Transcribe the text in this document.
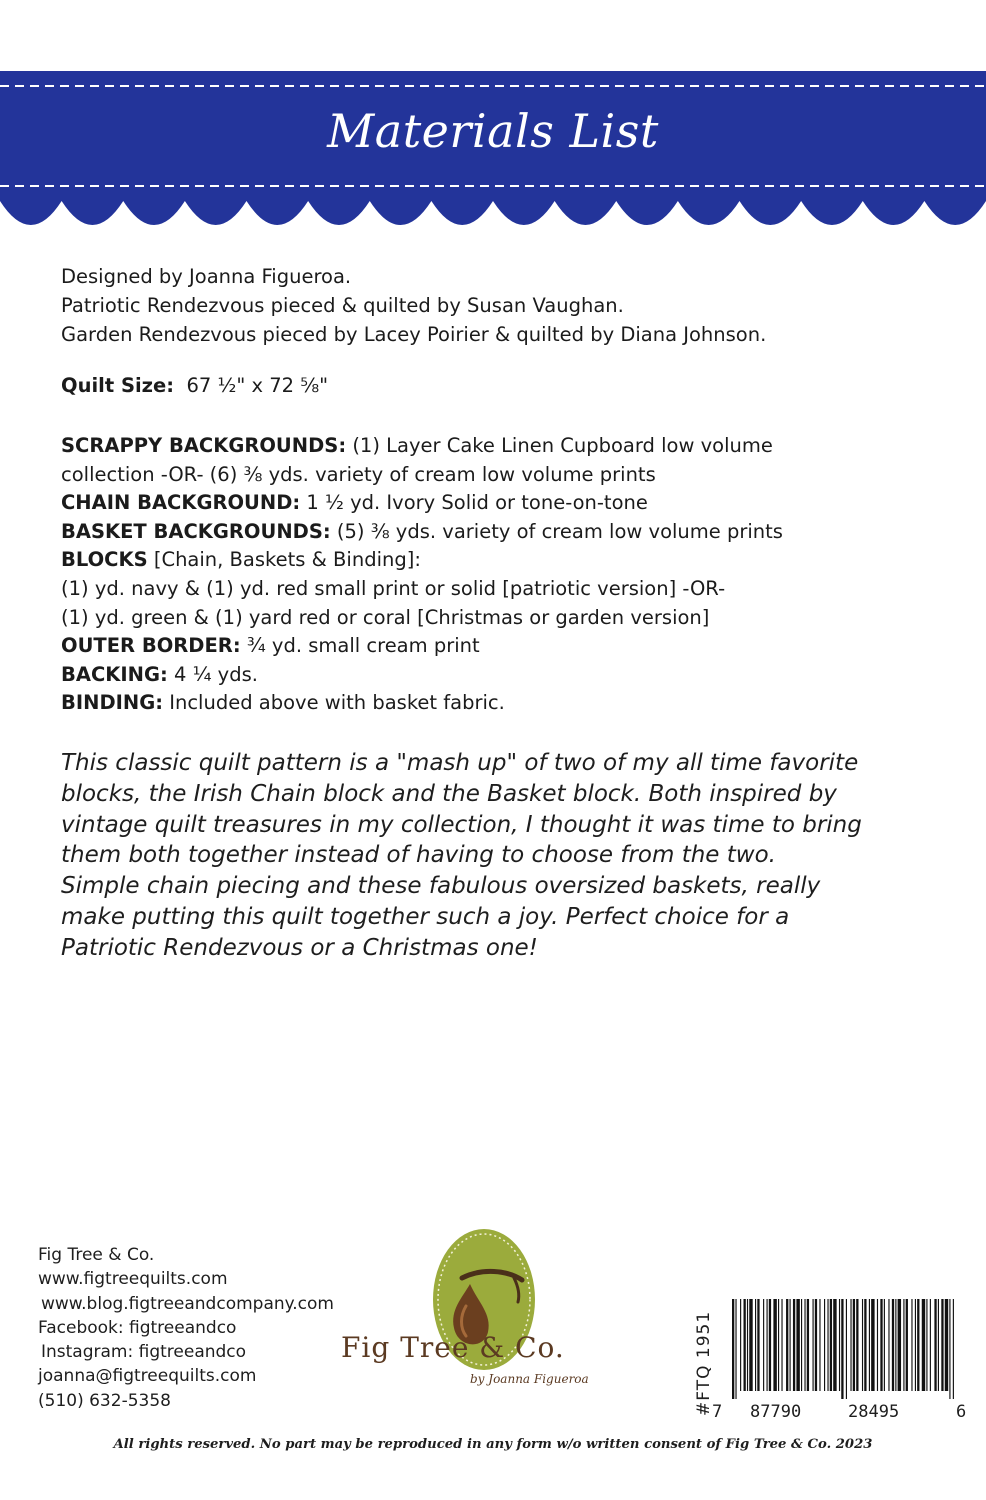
Materials List
Designed by Joanna Figueroa.
Patriotic Rendezvous pieced & quilted by Susan Vaughan.
Garden Rendezvous pieced by Lacey Poirier & quilted by Diana Johnson.
Quilt Size: 67 ½" x 72 ⅝"
SCRAPPY BACKGROUNDS: (1) Layer Cake Linen Cupboard low volume
collection -OR- (6) ⅜ yds. variety of cream low volume prints
CHAIN BACKGROUND: 1 ½ yd. Ivory Solid or tone-on-tone
BASKET BACKGROUNDS: (5) ⅜ yds. variety of cream low volume prints
BLOCKS [Chain, Baskets & Binding]:
(1) yd. navy & (1) yd. red small print or solid [patriotic version] -OR-
(1) yd. green & (1) yard red or coral [Christmas or garden version]
OUTER BORDER: ¾ yd. small cream print
BACKING: 4 ¼ yds.
BINDING: Included above with basket fabric.
This classic quilt pattern is a "mash up" of two of my all time favorite
blocks, the Irish Chain block and the Basket block. Both inspired by
vintage quilt treasures in my collection, I thought it was time to bring
them both together instead of having to choose from the two.
Simple chain piecing and these fabulous oversized baskets, really
make putting this quilt together such a joy. Perfect choice for a
Patriotic Rendezvous or a Christmas one!
Fig Tree & Co.
www.figtreequilts.com
www.blog.figtreeandcompany.com
Facebook: figtreeandco
Instagram: figtreeandco
joanna@figtreequilts.com
(510) 632-5358
Fig Tree & Co.
by Joanna Figueroa	#FTQ 1951
7 87790	28495	6
All rights reserved. No part may be reproduced in any form w/o written consent of Fig Tree & Co. 2023
